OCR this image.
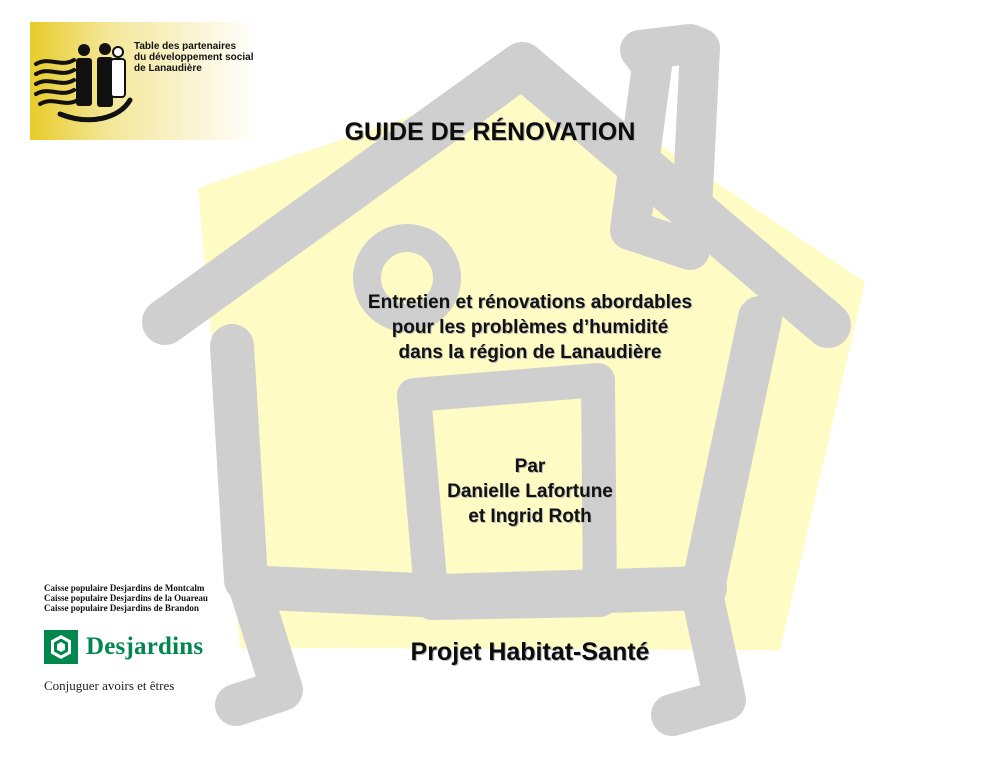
Table des partenaires
du développement social
de Lanaudière
GUIDE DE RÉNOVATION
Entretien et rénovations abordables
pour les problèmes d’humidité
dans la région de Lanaudière
Par
Danielle Lafortune
et Ingrid Roth
Projet Habitat-Santé
Caisse populaire Desjardins de Montcalm
Caisse populaire Desjardins de la Ouareau
Caisse populaire Desjardins de Brandon
Desjardins
Conjuguer avoirs et êtres
